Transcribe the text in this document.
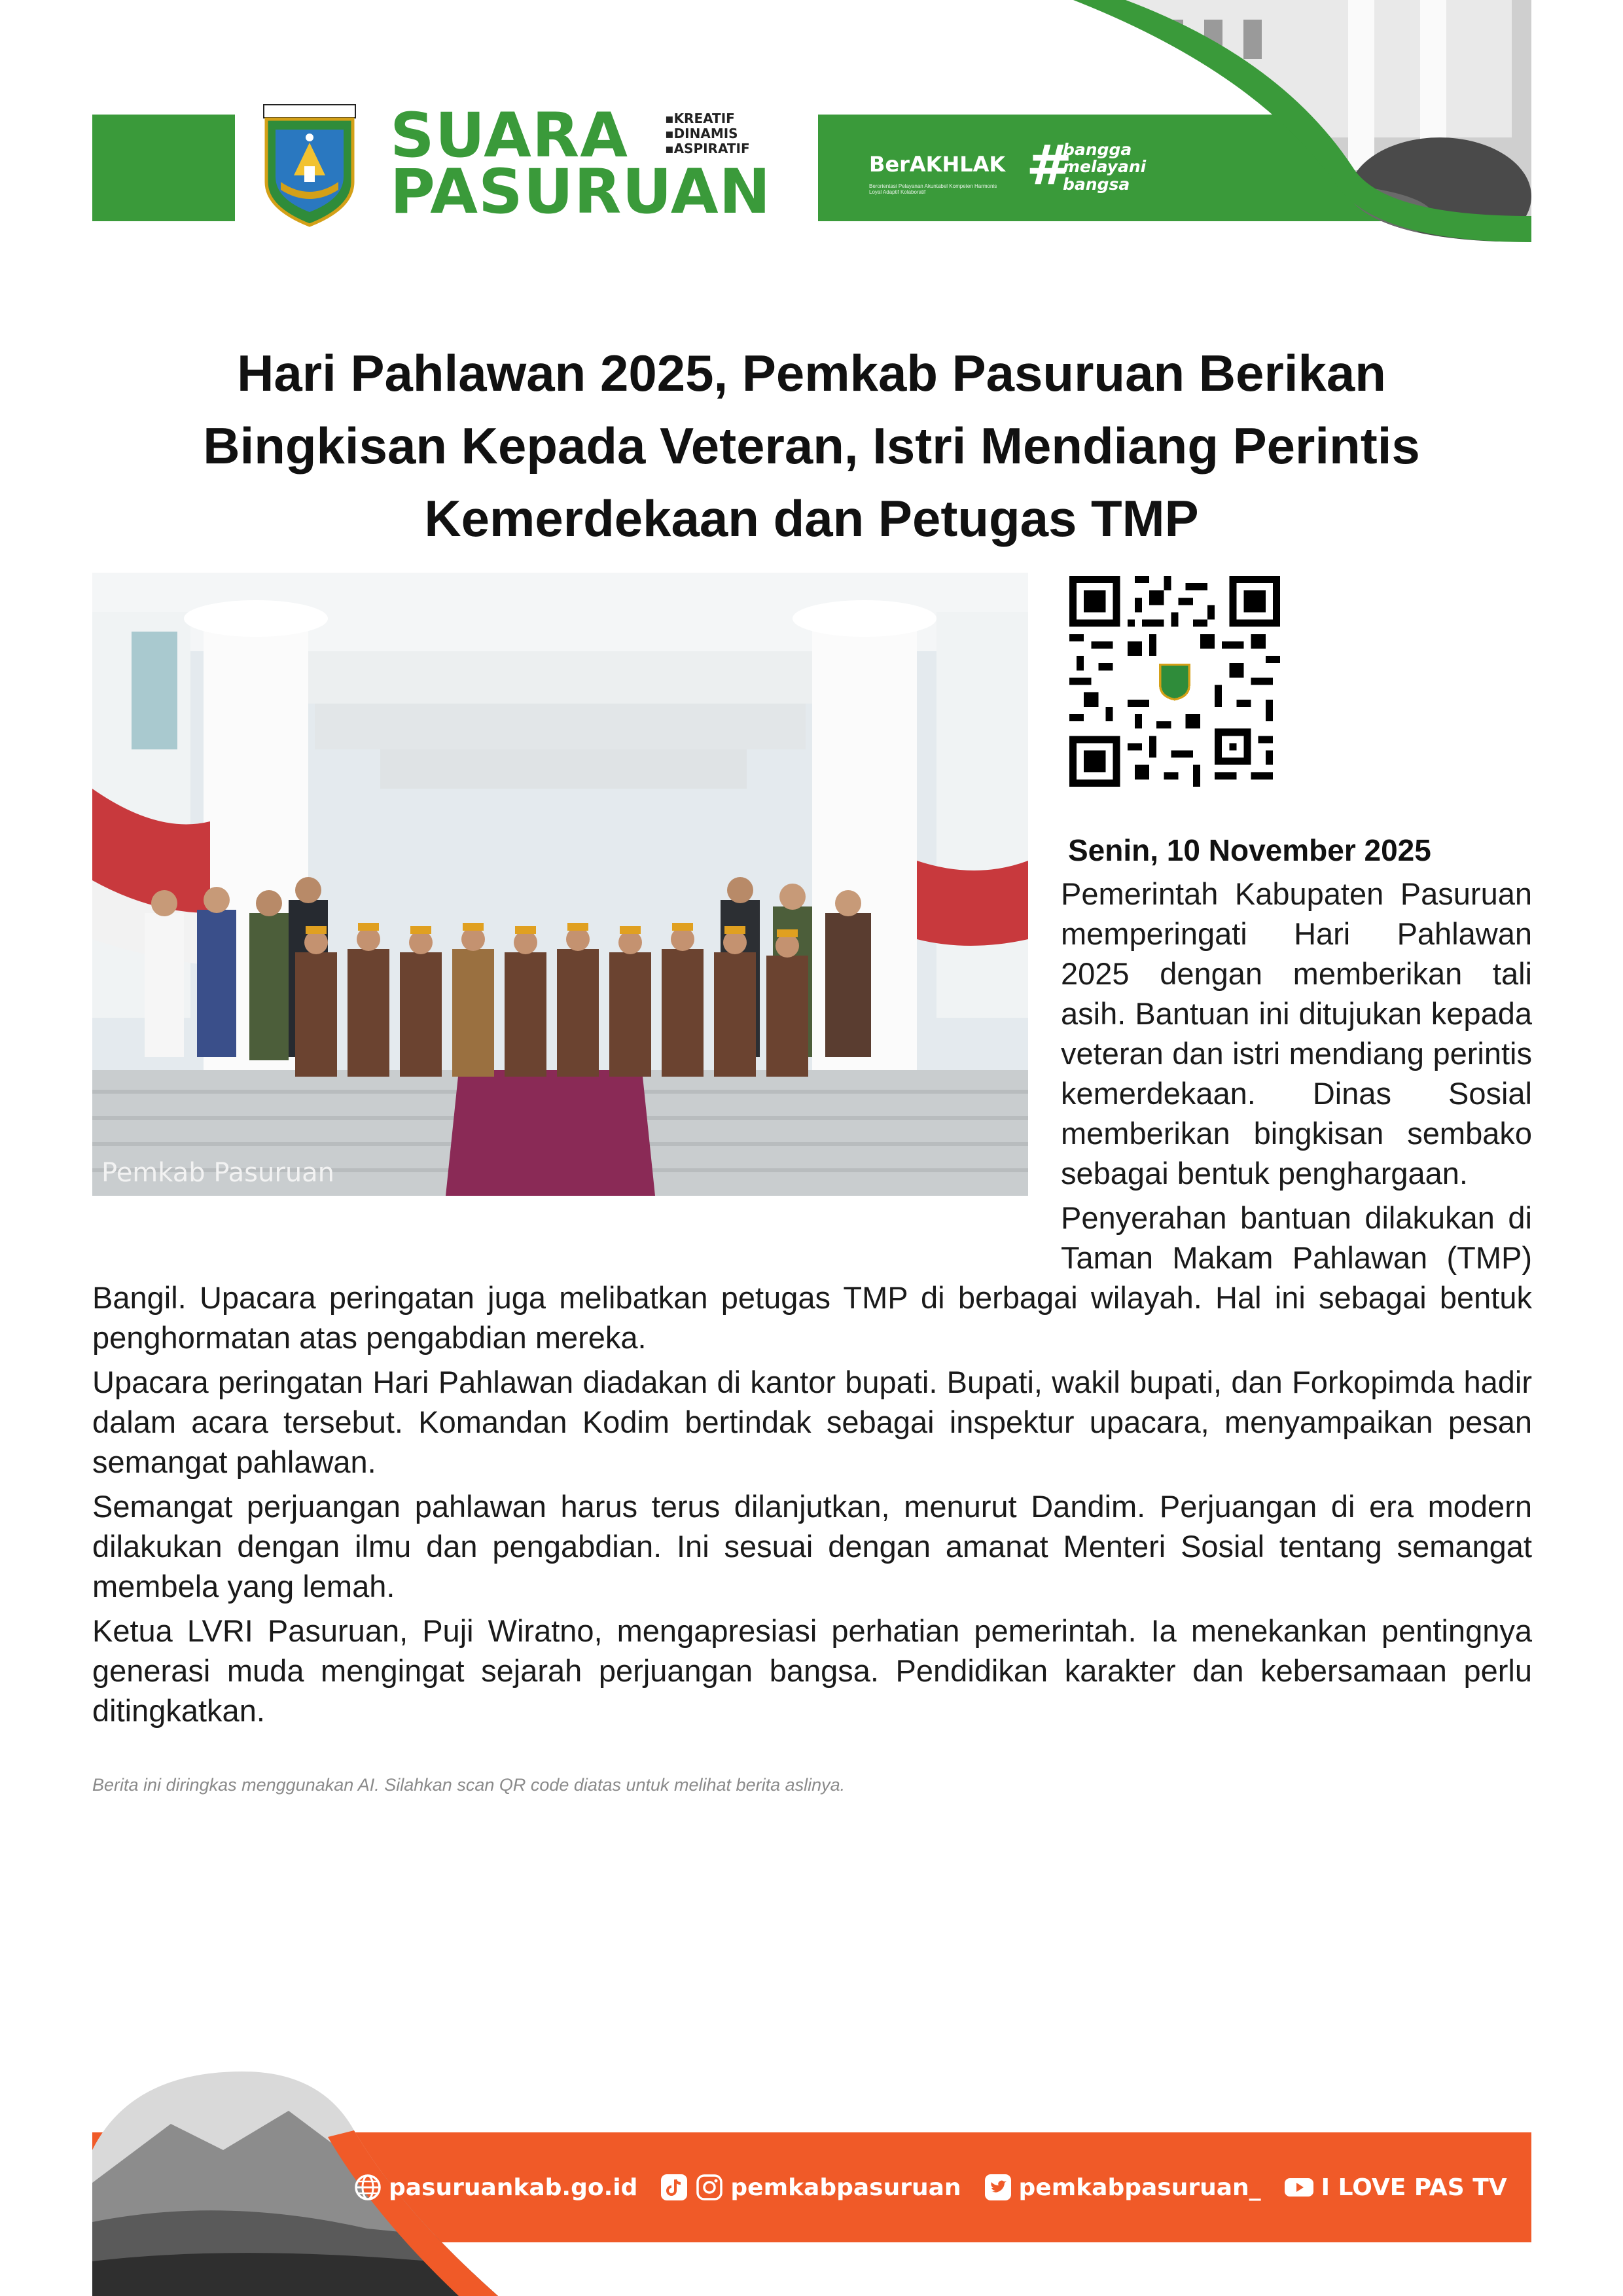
SUARA
PASURUAN
▪ KREATIF
▪ DINAMIS
▪ ASPIRATIF
BerAKHLAK
Berorientasi Pelayanan Akuntabel Kompeten Harmonis Loyal Adaptif Kolaboratif	#
bangga
melayani
bangsa
Hari Pahlawan 2025, Pemkab Pasuruan Berikan Bingkisan Kepada Veteran, Istri Mendiang Perintis Kemerdekaan dan Petugas TMP
Pemkab Pasuruan
Senin, 10 November 2025

Pemerintah Kabupaten Pasuruan memperingati Hari Pahlawan 2025 dengan memberikan tali asih. Bantuan ini ditujukan kepada veteran dan istri mendiang perintis kemerdekaan. Dinas Sosial memberikan bingkisan sembako sebagai bentuk penghargaan.

Penyerahan bantuan dilakukan di Taman Makam Pahlawan (TMP) Bangil. Upacara peringatan juga melibatkan petugas TMP di berbagai wilayah. Hal ini sebagai bentuk penghormatan atas pengabdian mereka.

Upacara peringatan Hari Pahlawan diadakan di kantor bupati. Bupati, wakil bupati, dan Forkopimda hadir dalam acara tersebut. Komandan Kodim bertindak sebagai inspektur upacara, menyampaikan pesan semangat pahlawan.

Semangat perjuangan pahlawan harus terus dilanjutkan, menurut Dandim. Perjuangan di era modern dilakukan dengan ilmu dan pengabdian. Ini sesuai dengan amanat Menteri Sosial tentang semangat membela yang lemah.

Ketua LVRI Pasuruan, Puji Wiratno, mengapresiasi perhatian pemerintah. Ia menekankan pentingnya generasi muda mengingat sejarah perjuangan bangsa. Pendidikan karakter dan kebersamaan perlu ditingkatkan.

Berita ini diringkas menggunakan AI. Silahkan scan QR code diatas untuk melihat berita aslinya.
pasuruankab.go.id	pemkabpasuruan pemkabpasuruan_	I LOVE PAS TV
